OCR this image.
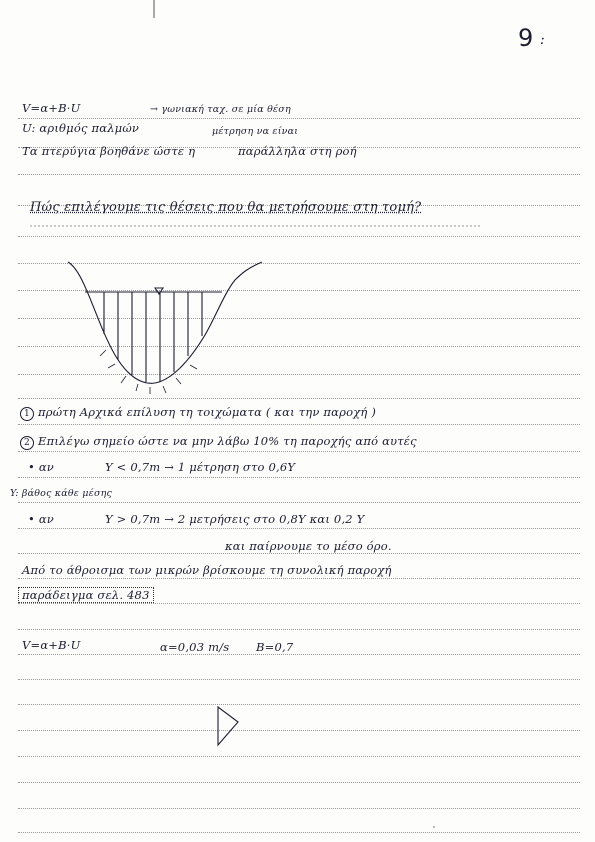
9 :
V=α+B·U	→ γωνιακή ταχ. σε μία θέση
U: αριθμός παλμών	μέτρηση να είναι
Τα πτερύγια βοηθάνε ώστε η	παράλληλα στη ροή
Πώς επιλέγουμε τις θέσεις που θα μετρήσουμε στη τομή?
1 πρώτη Αρχικά επίλυση τη τοιχώματα ( και την παροχή )
2 Επιλέγω σημείο ώστε να μην λάβω 10% τη παροχής από αυτές
• αν	Y < 0,7m → 1 μέτρηση στο 0,6Y
Y: βάθος κάθε μέσης
• αν	Y > 0,7m → 2 μετρήσεις στο 0,8Y και 0,2 Y
και παίρνουμε το μέσο όρο.
Από το άθροισμα των μικρών βρίσκουμε τη συνολική παροχή
παράδειγμα σελ. 483
V=α+B·U	α=0,03 m/s B=0,7
